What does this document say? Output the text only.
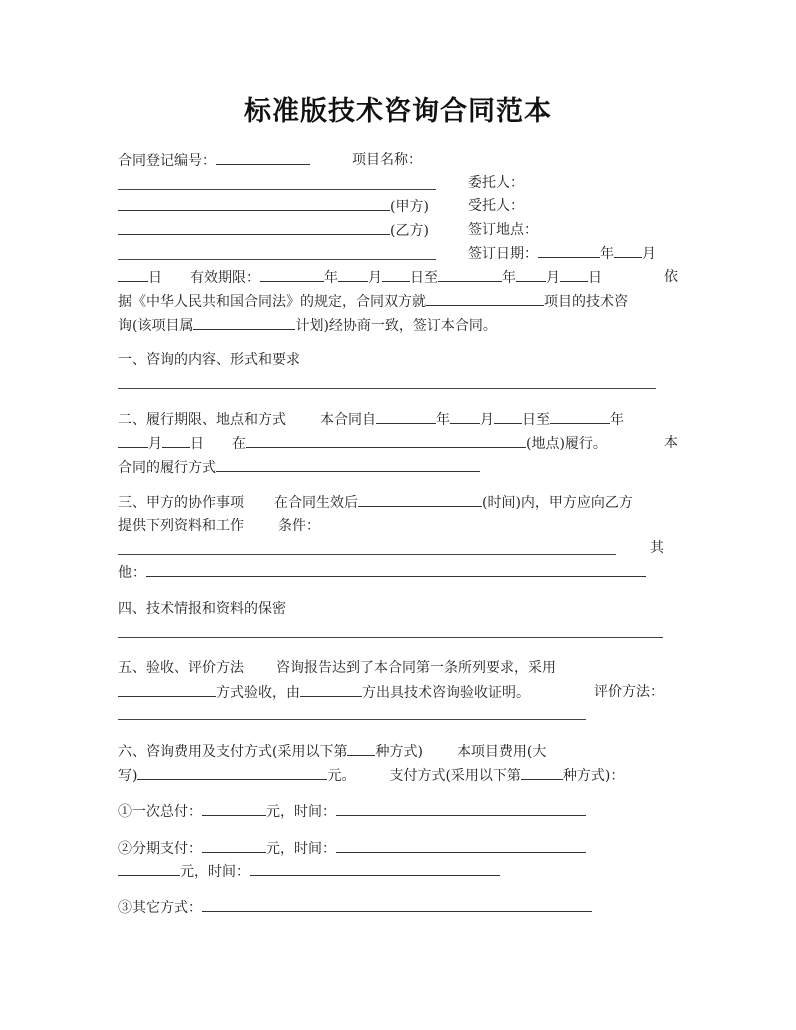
标准版技术咨询合同范本
合同登记编号：	项目名称：
委托人：
(甲方)	受托人：
(乙方)	签订地点：
签订日期：	年 月
日 有效期限：	年 月 日至	年 月 日	依
据《中华人民共和国合同法》的规定，合同双方就	项目的技术咨
询(该项目属	计划)经协商一致，签订本合同。
一、咨询的内容、形式和要求
二、履行期限、地点和方式 本合同自	年 月 日至	年
月 日 在	(地点)履行。	本
合同的履行方式
三、甲方的协作事项 在合同生效后	(时间)内，甲方应向乙方
提供下列资料和工作 条件：
其
他：
四、技术情报和资料的保密
五、验收、评价方法 咨询报告达到了本合同第一条所列要求，采用
方式验收，由	方出具技术咨询验收证明。	评价方法：
六、咨询费用及支付方式(采用以下第 种方式) 本项目费用(大
写)	元。 支付方式(采用以下第	种方式)：
①一次总付：	元，时间：
②分期支付：	元，时间：
元，时间：
③其它方式：
